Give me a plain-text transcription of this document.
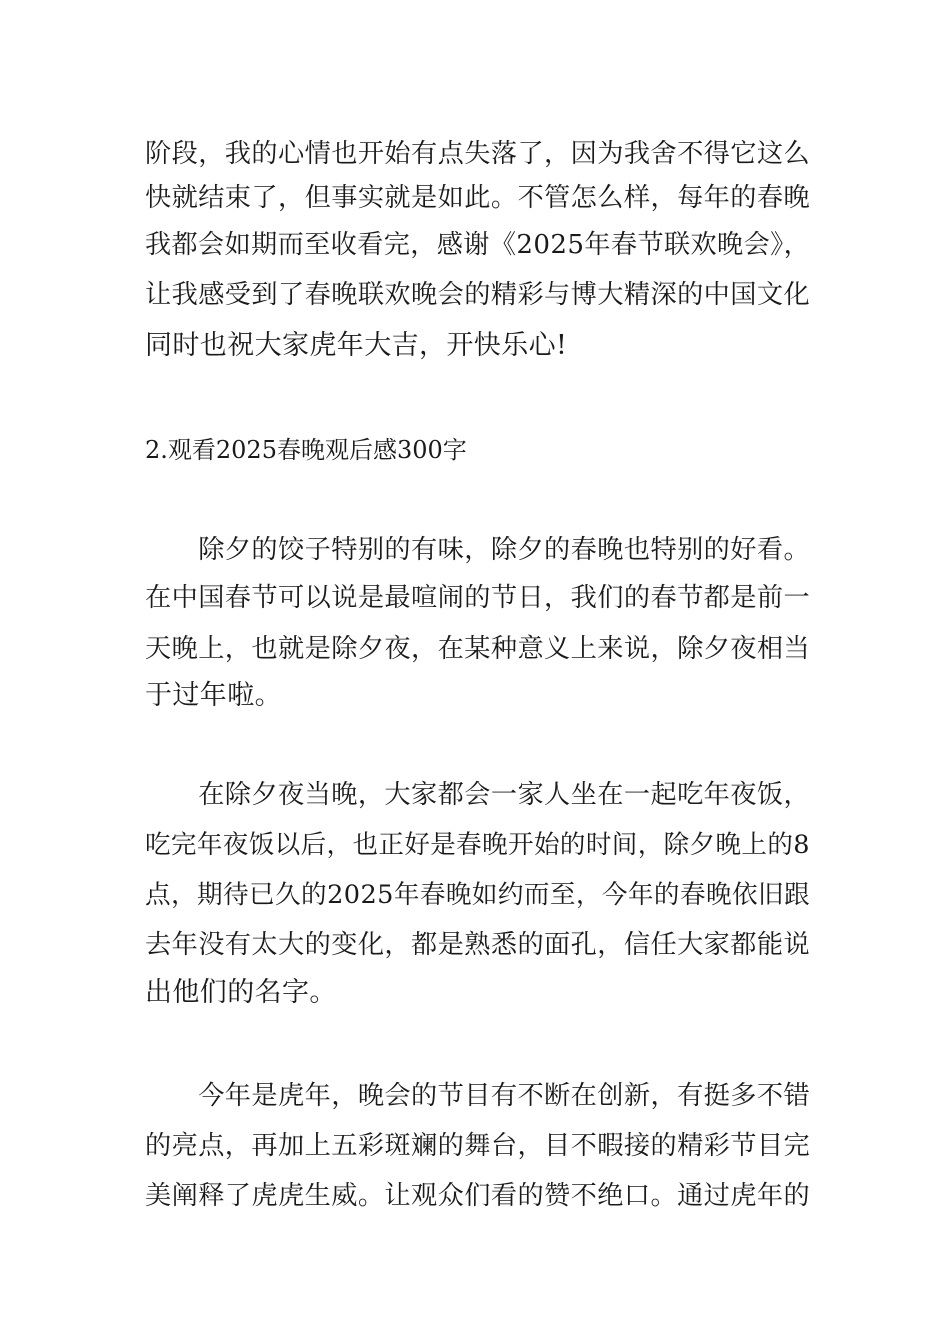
阶段，我的心情也开始有点失落了，因为我舍不得它这么
快就结束了，但事实就是如此。不管怎么样，每年的春晚
我都会如期而至收看完，感谢《2025年春节联欢晚会》，
让我感受到了春晚联欢晚会的精彩与博大精深的中国文化
同时也祝大家虎年大吉，开快乐心!
2.观看2025春晚观后感300字
　　除夕的饺子特别的有味，除夕的春晚也特别的好看。
在中国春节可以说是最喧闹的节日，我们的春节都是前一
天晚上，也就是除夕夜，在某种意义上来说，除夕夜相当
于过年啦。
　　在除夕夜当晚，大家都会一家人坐在一起吃年夜饭，
吃完年夜饭以后，也正好是春晚开始的时间，除夕晚上的8
点，期待已久的2025年春晚如约而至，今年的春晚依旧跟
去年没有太大的变化，都是熟悉的面孔，信任大家都能说
出他们的名字。
　　今年是虎年，晚会的节目有不断在创新，有挺多不错
的亮点，再加上五彩斑斓的舞台，目不暇接的精彩节目完
美阐释了虎虎生威。让观众们看的赞不绝口。通过虎年的
